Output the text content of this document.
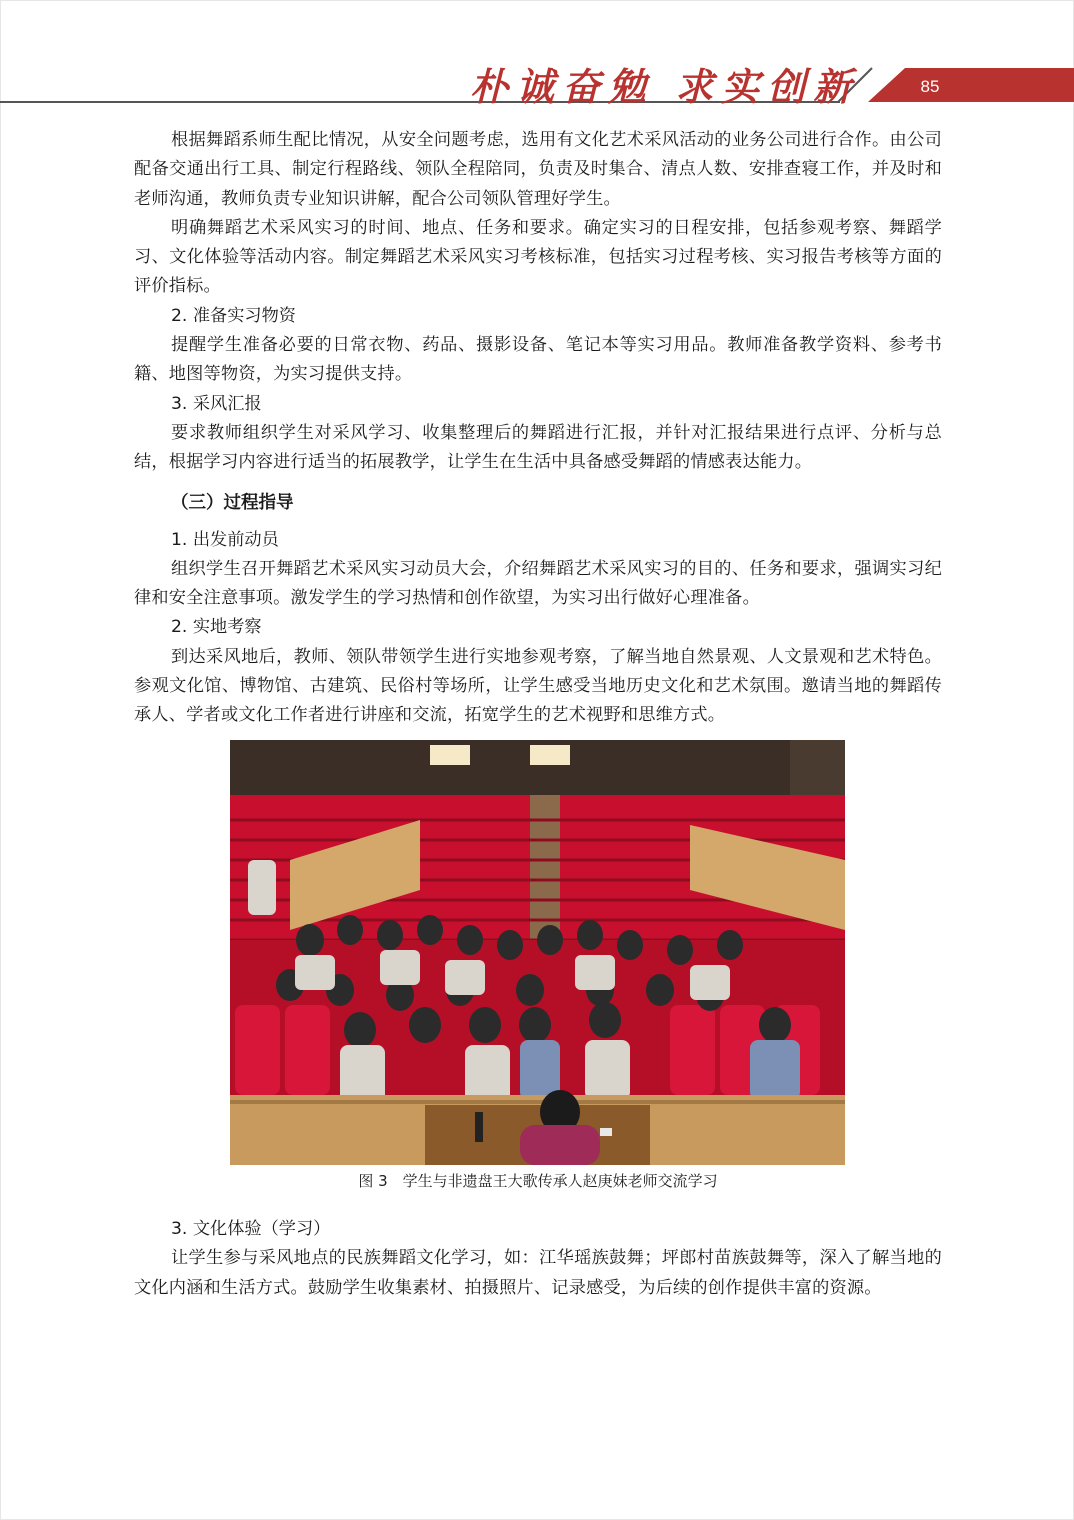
朴诚奋勉 求实创新	85

根据舞蹈系师生配比情况，从安全问题考虑，选用有文化艺术采风活动的业务公司进行合作。由公司配备交通出行工具、制定行程路线、领队全程陪同，负责及时集合、清点人数、安排查寝工作，并及时和老师沟通，教师负责专业知识讲解，配合公司领队管理好学生。

明确舞蹈艺术采风实习的时间、地点、任务和要求。确定实习的日程安排，包括参观考察、舞蹈学习、文化体验等活动内容。制定舞蹈艺术采风实习考核标准，包括实习过程考核、实习报告考核等方面的评价指标。

2. 准备实习物资

提醒学生准备必要的日常衣物、药品、摄影设备、笔记本等实习用品。教师准备教学资料、参考书籍、地图等物资，为实习提供支持。

3. 采风汇报

要求教师组织学生对采风学习、收集整理后的舞蹈进行汇报，并针对汇报结果进行点评、分析与总结，根据学习内容进行适当的拓展教学，让学生在生活中具备感受舞蹈的情感表达能力。

（三）过程指导

1. 出发前动员

组织学生召开舞蹈艺术采风实习动员大会，介绍舞蹈艺术采风实习的目的、任务和要求，强调实习纪律和安全注意事项。激发学生的学习热情和创作欲望，为实习出行做好心理准备。

2. 实地考察

到达采风地后，教师、领队带领学生进行实地参观考察，了解当地自然景观、人文景观和艺术特色。参观文化馆、博物馆、古建筑、民俗村等场所，让学生感受当地历史文化和艺术氛围。邀请当地的舞蹈传承人、学者或文化工作者进行讲座和交流，拓宽学生的艺术视野和思维方式。

图 3　学生与非遗盘王大歌传承人赵庚妹老师交流学习

3. 文化体验（学习）

让学生参与采风地点的民族舞蹈文化学习，如：江华瑶族鼓舞；坪郎村苗族鼓舞等，深入了解当地的文化内涵和生活方式。鼓励学生收集素材、拍摄照片、记录感受，为后续的创作提供丰富的资源。
